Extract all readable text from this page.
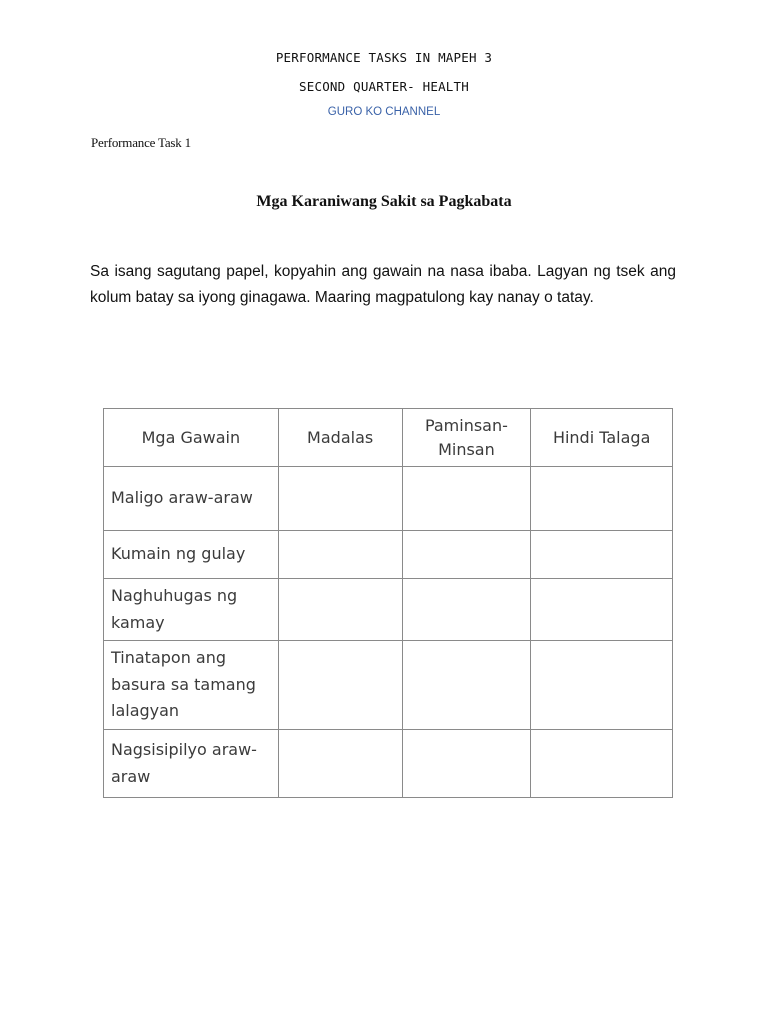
PERFORMANCE TASKS IN MAPEH 3
SECOND QUARTER- HEALTH
GURO KO CHANNEL
Performance Task 1
Mga Karaniwang Sakit sa Pagkabata
Sa isang sagutang papel, kopyahin ang gawain na nasa ibaba. Lagyan ng tsek ang kolum batay sa iyong ginagawa. Maaring magpatulong kay nanay o tatay.
Mga Gawain	Madalas	Paminsan-Minsan	Hindi Talaga
Maligo araw-araw			
Kumain ng gulay			
Naghuhugas ng kamay			
Tinatapon ang basura sa tamang lalagyan			
Nagsisipilyo araw-araw			
